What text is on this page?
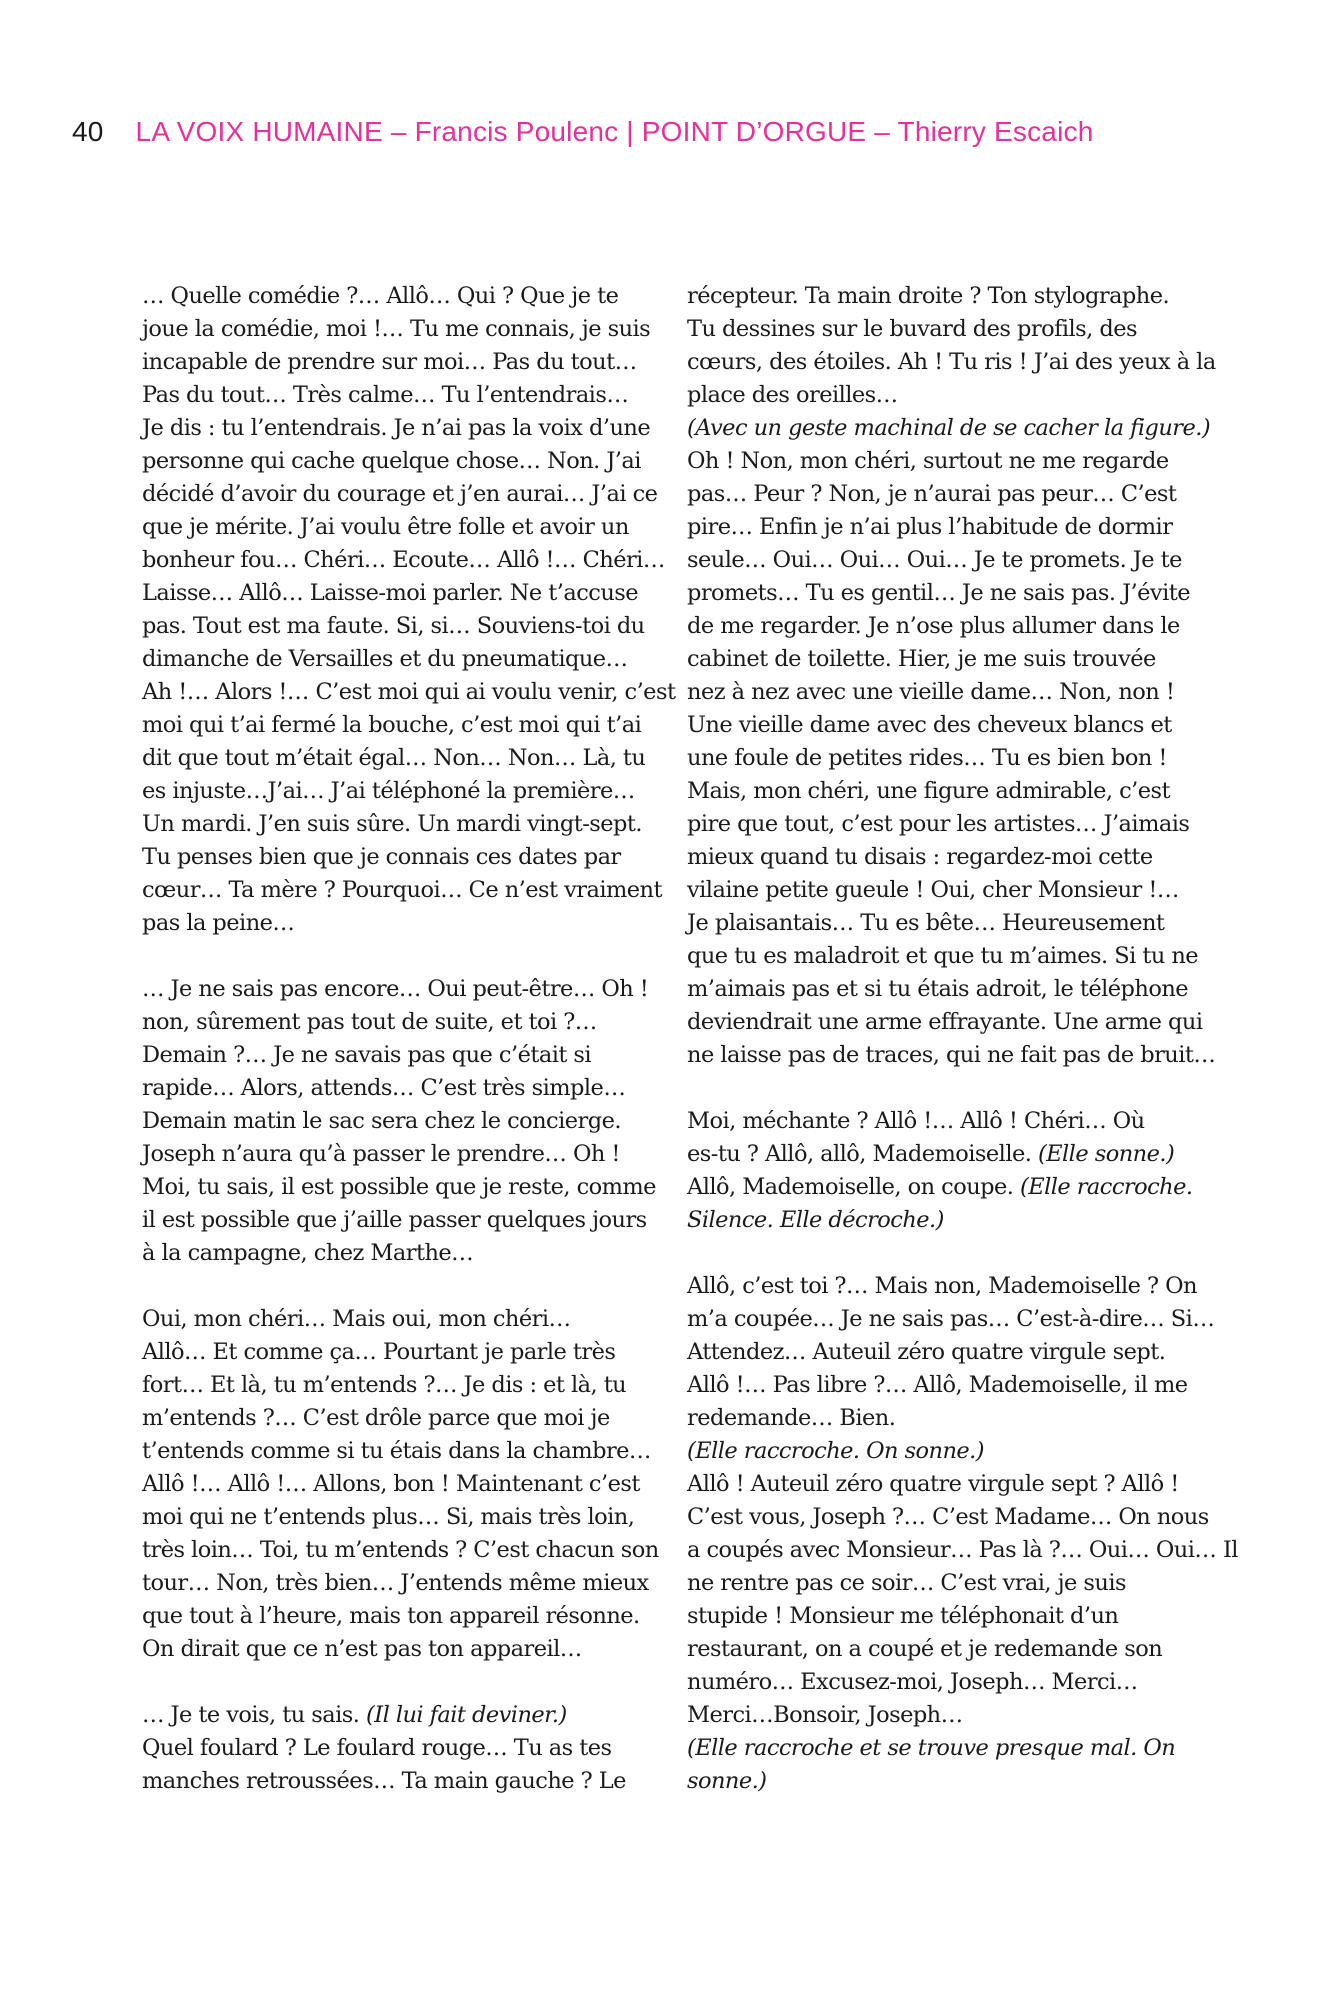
40 LA VOIX HUMAINE – Francis Poulenc | POINT D’ORGUE – Thierry Escaich
… Quelle comédie ?… Allô… Qui ? Que je te
joue la comédie, moi !… Tu me connais, je suis
incapable de prendre sur moi… Pas du tout…
Pas du tout… Très calme… Tu l’entendrais…
Je dis : tu l’entendrais. Je n’ai pas la voix d’une
personne qui cache quelque chose… Non. J’ai
décidé d’avoir du courage et j’en aurai… J’ai ce
que je mérite. J’ai voulu être folle et avoir un
bonheur fou… Chéri… Ecoute… Allô !… Chéri…
Laisse… Allô… Laisse-moi parler. Ne t’accuse
pas. Tout est ma faute. Si, si… Souviens-toi du
dimanche de Versailles et du pneumatique…
Ah !… Alors !… C’est moi qui ai voulu venir, c’est
moi qui t’ai fermé la bouche, c’est moi qui t’ai
dit que tout m’était égal… Non… Non… Là, tu
es injuste…J’ai… J’ai téléphoné la première…
Un mardi. J’en suis sûre. Un mardi vingt-sept.
Tu penses bien que je connais ces dates par
cœur… Ta mère ? Pourquoi… Ce n’est vraiment
pas la peine…
… Je ne sais pas encore… Oui peut-être… Oh !
non, sûrement pas tout de suite, et toi ?…
Demain ?… Je ne savais pas que c’était si
rapide… Alors, attends… C’est très simple…
Demain matin le sac sera chez le concierge.
Joseph n’aura qu’à passer le prendre… Oh !
Moi, tu sais, il est possible que je reste, comme
il est possible que j’aille passer quelques jours
à la campagne, chez Marthe…
Oui, mon chéri… Mais oui, mon chéri…
Allô… Et comme ça… Pourtant je parle très
fort… Et là, tu m’entends ?… Je dis : et là, tu
m’entends ?… C’est drôle parce que moi je
t’entends comme si tu étais dans la chambre…
Allô !… Allô !… Allons, bon ! Maintenant c’est
moi qui ne t’entends plus… Si, mais très loin,
très loin… Toi, tu m’entends ? C’est chacun son
tour… Non, très bien… J’entends même mieux
que tout à l’heure, mais ton appareil résonne.
On dirait que ce n’est pas ton appareil…
… Je te vois, tu sais. (Il lui fait deviner.)
Quel foulard ? Le foulard rouge… Tu as tes
manches retroussées… Ta main gauche ? Le
récepteur. Ta main droite ? Ton stylographe.
Tu dessines sur le buvard des profils, des
cœurs, des étoiles. Ah ! Tu ris ! J’ai des yeux à la
place des oreilles…
(Avec un geste machinal de se cacher la figure.)
Oh ! Non, mon chéri, surtout ne me regarde
pas… Peur ? Non, je n’aurai pas peur… C’est
pire… Enfin je n’ai plus l’habitude de dormir
seule… Oui… Oui… Oui… Je te promets. Je te
promets… Tu es gentil… Je ne sais pas. J’évite
de me regarder. Je n’ose plus allumer dans le
cabinet de toilette. Hier, je me suis trouvée
nez à nez avec une vieille dame… Non, non !
Une vieille dame avec des cheveux blancs et
une foule de petites rides… Tu es bien bon !
Mais, mon chéri, une figure admirable, c’est
pire que tout, c’est pour les artistes… J’aimais
mieux quand tu disais : regardez-moi cette
vilaine petite gueule ! Oui, cher Monsieur !…
Je plaisantais… Tu es bête… Heureusement
que tu es maladroit et que tu m’aimes. Si tu ne
m’aimais pas et si tu étais adroit, le téléphone
deviendrait une arme effrayante. Une arme qui
ne laisse pas de traces, qui ne fait pas de bruit…
Moi, méchante ? Allô !… Allô ! Chéri… Où
es-tu ? Allô, allô, Mademoiselle. (Elle sonne.)
Allô, Mademoiselle, on coupe. (Elle raccroche.
Silence. Elle décroche.)
Allô, c’est toi ?… Mais non, Mademoiselle ? On
m’a coupée… Je ne sais pas… C’est-à-dire… Si…
Attendez… Auteuil zéro quatre virgule sept.
Allô !… Pas libre ?… Allô, Mademoiselle, il me
redemande… Bien.
(Elle raccroche. On sonne.)
Allô ! Auteuil zéro quatre virgule sept ? Allô !
C’est vous, Joseph ?… C’est Madame… On nous
a coupés avec Monsieur… Pas là ?… Oui… Oui… Il
ne rentre pas ce soir… C’est vrai, je suis
stupide ! Monsieur me téléphonait d’un
restaurant, on a coupé et je redemande son
numéro… Excusez-moi, Joseph… Merci…
Merci…Bonsoir, Joseph…
(Elle raccroche et se trouve presque mal. On
sonne.)
